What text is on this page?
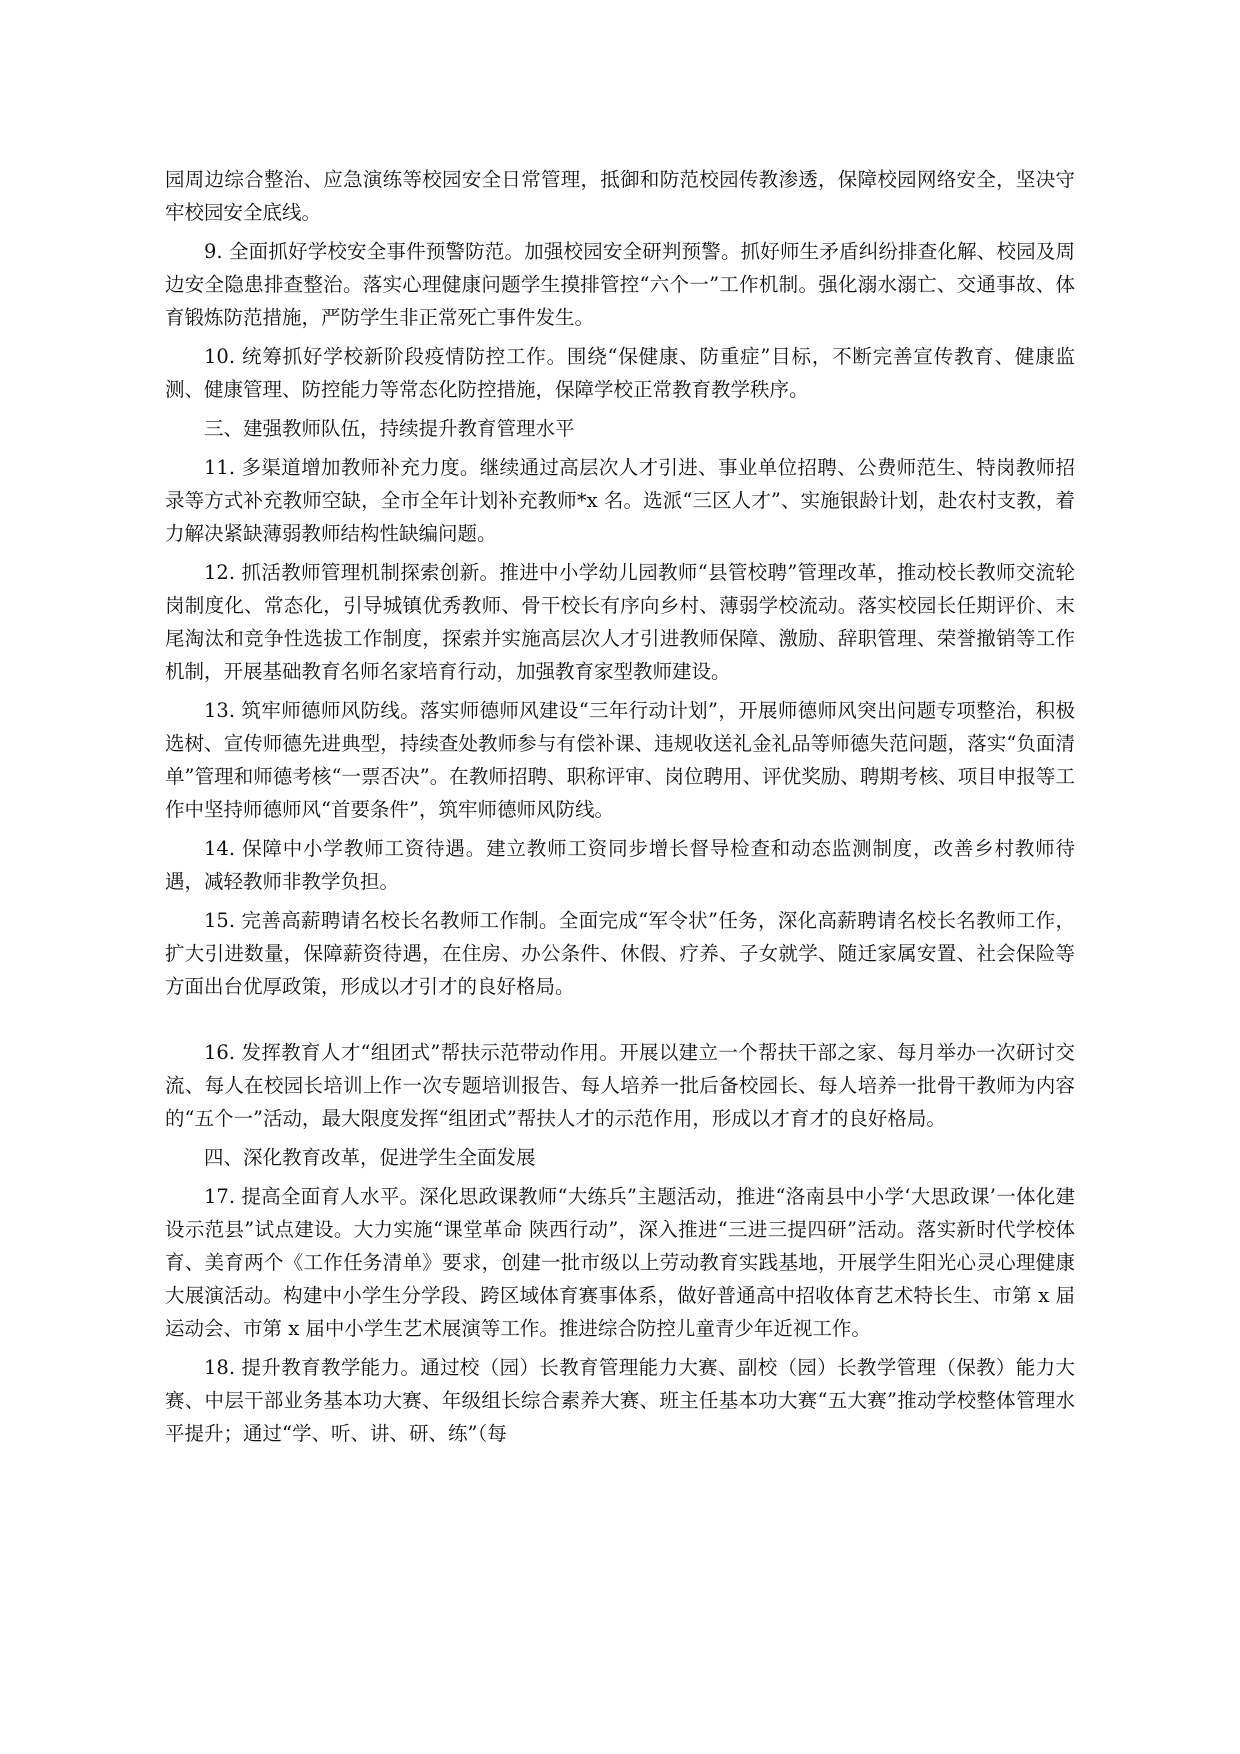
园周边综合整治、应急演练等校园安全日常管理，抵御和防范校园传教渗透，保障校园网络安全，坚决守牢校园安全底线。

9. 全面抓好学校安全事件预警防范。加强校园安全研判预警。抓好师生矛盾纠纷排查化解、校园及周边安全隐患排查整治。落实心理健康问题学生摸排管控“六个一”工作机制。强化溺水溺亡、交通事故、体育锻炼防范措施，严防学生非正常死亡事件发生。

10. 统筹抓好学校新阶段疫情防控工作。围绕“保健康、防重症”目标，不断完善宣传教育、健康监测、健康管理、防控能力等常态化防控措施，保障学校正常教育教学秩序。

三、建强教师队伍，持续提升教育管理水平

11. 多渠道增加教师补充力度。继续通过高层次人才引进、事业单位招聘、公费师范生、特岗教师招录等方式补充教师空缺，全市全年计划补充教师*x 名。选派“三区人才”、实施银龄计划，赴农村支教，着力解决紧缺薄弱教师结构性缺编问题。

12. 抓活教师管理机制探索创新。推进中小学幼儿园教师“县管校聘”管理改革，推动校长教师交流轮岗制度化、常态化，引导城镇优秀教师、骨干校长有序向乡村、薄弱学校流动。落实校园长任期评价、末尾淘汰和竞争性选拔工作制度，探索并实施高层次人才引进教师保障、激励、辞职管理、荣誉撤销等工作机制，开展基础教育名师名家培育行动，加强教育家型教师建设。

13. 筑牢师德师风防线。落实师德师风建设“三年行动计划”，开展师德师风突出问题专项整治，积极选树、宣传师德先进典型，持续查处教师参与有偿补课、违规收送礼金礼品等师德失范问题，落实“负面清单”管理和师德考核“一票否决”。在教师招聘、职称评审、岗位聘用、评优奖励、聘期考核、项目申报等工作中坚持师德师风“首要条件”，筑牢师德师风防线。

14. 保障中小学教师工资待遇。建立教师工资同步增长督导检查和动态监测制度，改善乡村教师待遇，减轻教师非教学负担。

15. 完善高薪聘请名校长名教师工作制。全面完成“军令状”任务，深化高薪聘请名校长名教师工作，扩大引进数量，保障薪资待遇，在住房、办公条件、休假、疗养、子女就学、随迁家属安置、社会保险等方面出台优厚政策，形成以才引才的良好格局。

16. 发挥教育人才“组团式”帮扶示范带动作用。开展以建立一个帮扶干部之家、每月举办一次研讨交流、每人在校园长培训上作一次专题培训报告、每人培养一批后备校园长、每人培养一批骨干教师为内容的“五个一”活动，最大限度发挥“组团式”帮扶人才的示范作用，形成以才育才的良好格局。

四、深化教育改革，促进学生全面发展

17. 提高全面育人水平。深化思政课教师“大练兵”主题活动，推进“洛南县中小学‘大思政课’一体化建设示范县”试点建设。大力实施“课堂革命 陕西行动”，深入推进“三进三提四研”活动。落实新时代学校体育、美育两个《工作任务清单》要求，创建一批市级以上劳动教育实践基地，开展学生阳光心灵心理健康大展演活动。构建中小学生分学段、跨区域体育赛事体系，做好普通高中招收体育艺术特长生、市第 x 届运动会、市第 x 届中小学生艺术展演等工作。推进综合防控儿童青少年近视工作。

18. 提升教育教学能力。通过校（园）长教育管理能力大赛、副校（园）长教学管理（保教）能力大赛、中层干部业务基本功大赛、年级组长综合素养大赛、班主任基本功大赛“五大赛”推动学校整体管理水平提升；通过“学、听、讲、研、练”（每
